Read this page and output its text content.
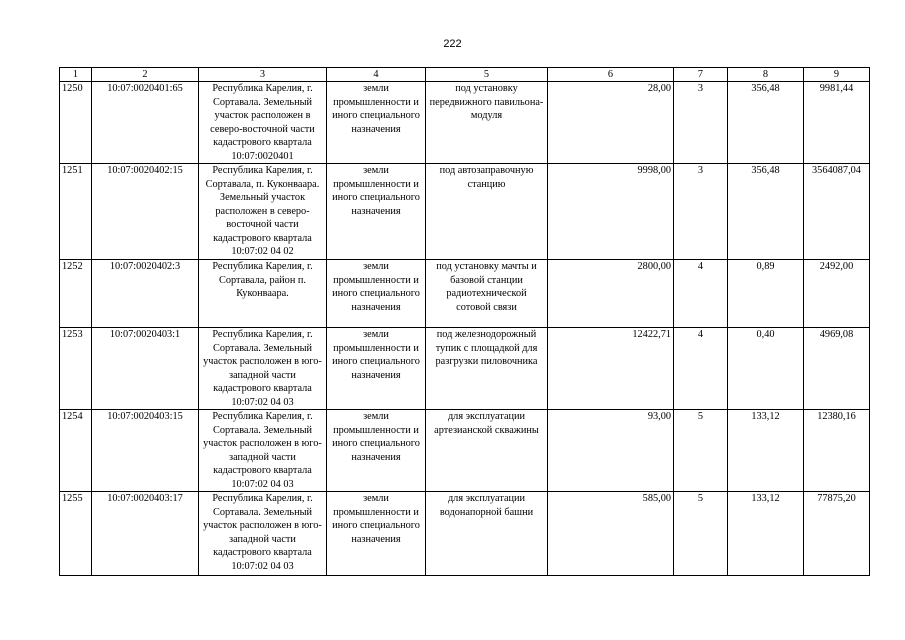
222
1	2	3	4	5	6	7	8	9
1250	10:07:0020401:65	Республика Карелия, г. Сортавала. Земельный участок расположен в северо-восточной части кадастрового квартала 10:07:0020401	земли промышленности и иного специального назначения	под установку передвижного павильона-модуля	28,00	3	356,48	9981,44
1251	10:07:0020402:15	Республика Карелия, г. Сортавала, п. Куконваара. Земельный участок расположен в северо-восточной части кадастрового квартала 10:07:02 04 02	земли промышленности и иного специального назначения	под автозаправочную станцию	9998,00	3	356,48	3564087,04
1252	10:07:0020402:3	Республика Карелия, г. Сортавала, район п. Куконваара.	земли промышленности и иного специального назначения	под установку мачты и базовой станции радиотехнической сотовой связи	2800,00	4	0,89	2492,00
1253	10:07:0020403:1	Республика Карелия, г. Сортавала. Земельный участок расположен в юго-западной части кадастрового квартала 10:07:02 04 03	земли промышленности и иного специального назначения	под железнодорожный тупик с площадкой для разгрузки пиловочника	12422,71	4	0,40	4969,08
1254	10:07:0020403:15	Республика Карелия, г. Сортавала. Земельный участок расположен в юго-западной части кадастрового квартала 10:07:02 04 03	земли промышленности и иного специального назначения	для эксплуатации артезианской скважины	93,00	5	133,12	12380,16
1255	10:07:0020403:17	Республика Карелия, г. Сортавала. Земельный участок расположен в юго-западной части кадастрового квартала 10:07:02 04 03	земли промышленности и иного специального назначения	для эксплуатации водонапорной башни	585,00	5	133,12	77875,20
